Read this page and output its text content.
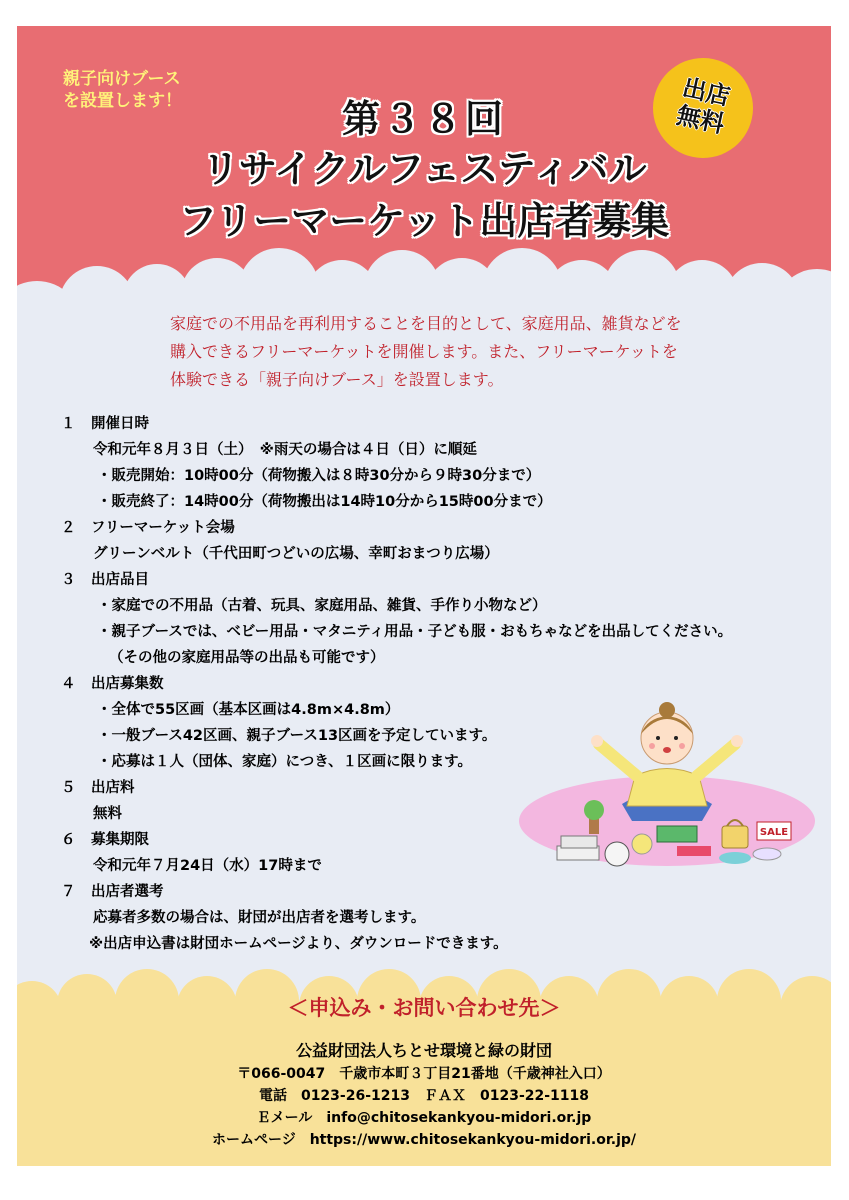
親子向けブース
を設置します！	第３８回
リサイクルフェスティバル
フリーマーケット出店者募集
出店
無料
家庭での不用品を再利用することを目的として、家庭用品、雑貨などを
購入できるフリーマーケットを開催します。また、フリーマーケットを
体験できる「親子向けブース」を設置します。
１ 開催日時
令和元年８月３日（土）　※雨天の場合は４日（日）に順延
・販売開始：10時00分（荷物搬入は８時30分から９時30分まで）
・販売終了：14時00分（荷物搬出は14時10分から15時00分まで）
２ フリーマーケット会場
グリーンベルト（千代田町つどいの広場、幸町おまつり広場）
３ 出店品目
・家庭での不用品（古着、玩具、家庭用品、雑貨、手作り小物など）
・親子ブースでは、ベビー用品・マタニティ用品・子ども服・おもちゃなどを出品してください。
（その他の家庭用品等の出品も可能です）
４ 出店募集数
・全体で55区画（基本区画は4.8m×4.8m）
・一般ブース42区画、親子ブース13区画を予定しています。
・応募は１人（団体、家庭）につき、１区画に限ります。
５ 出店料
無料
６ 募集期限
令和元年７月24日（水）17時まで
７ 出店者選考
応募者多数の場合は、財団が出店者を選考します。
※出店申込書は財団ホームページより、ダウンロードできます。
SALE
＜申込み・お問い合わせ先＞
公益財団法人ちとせ環境と緑の財団
〒066-0047　千歳市本町３丁目21番地（千歳神社入口）
電話　0123-26-1213　ＦＡＸ　0123-22-1118
Ｅメール　info@chitosekankyou-midori.or.jp
ホームページ　https://www.chitosekankyou-midori.or.jp/
